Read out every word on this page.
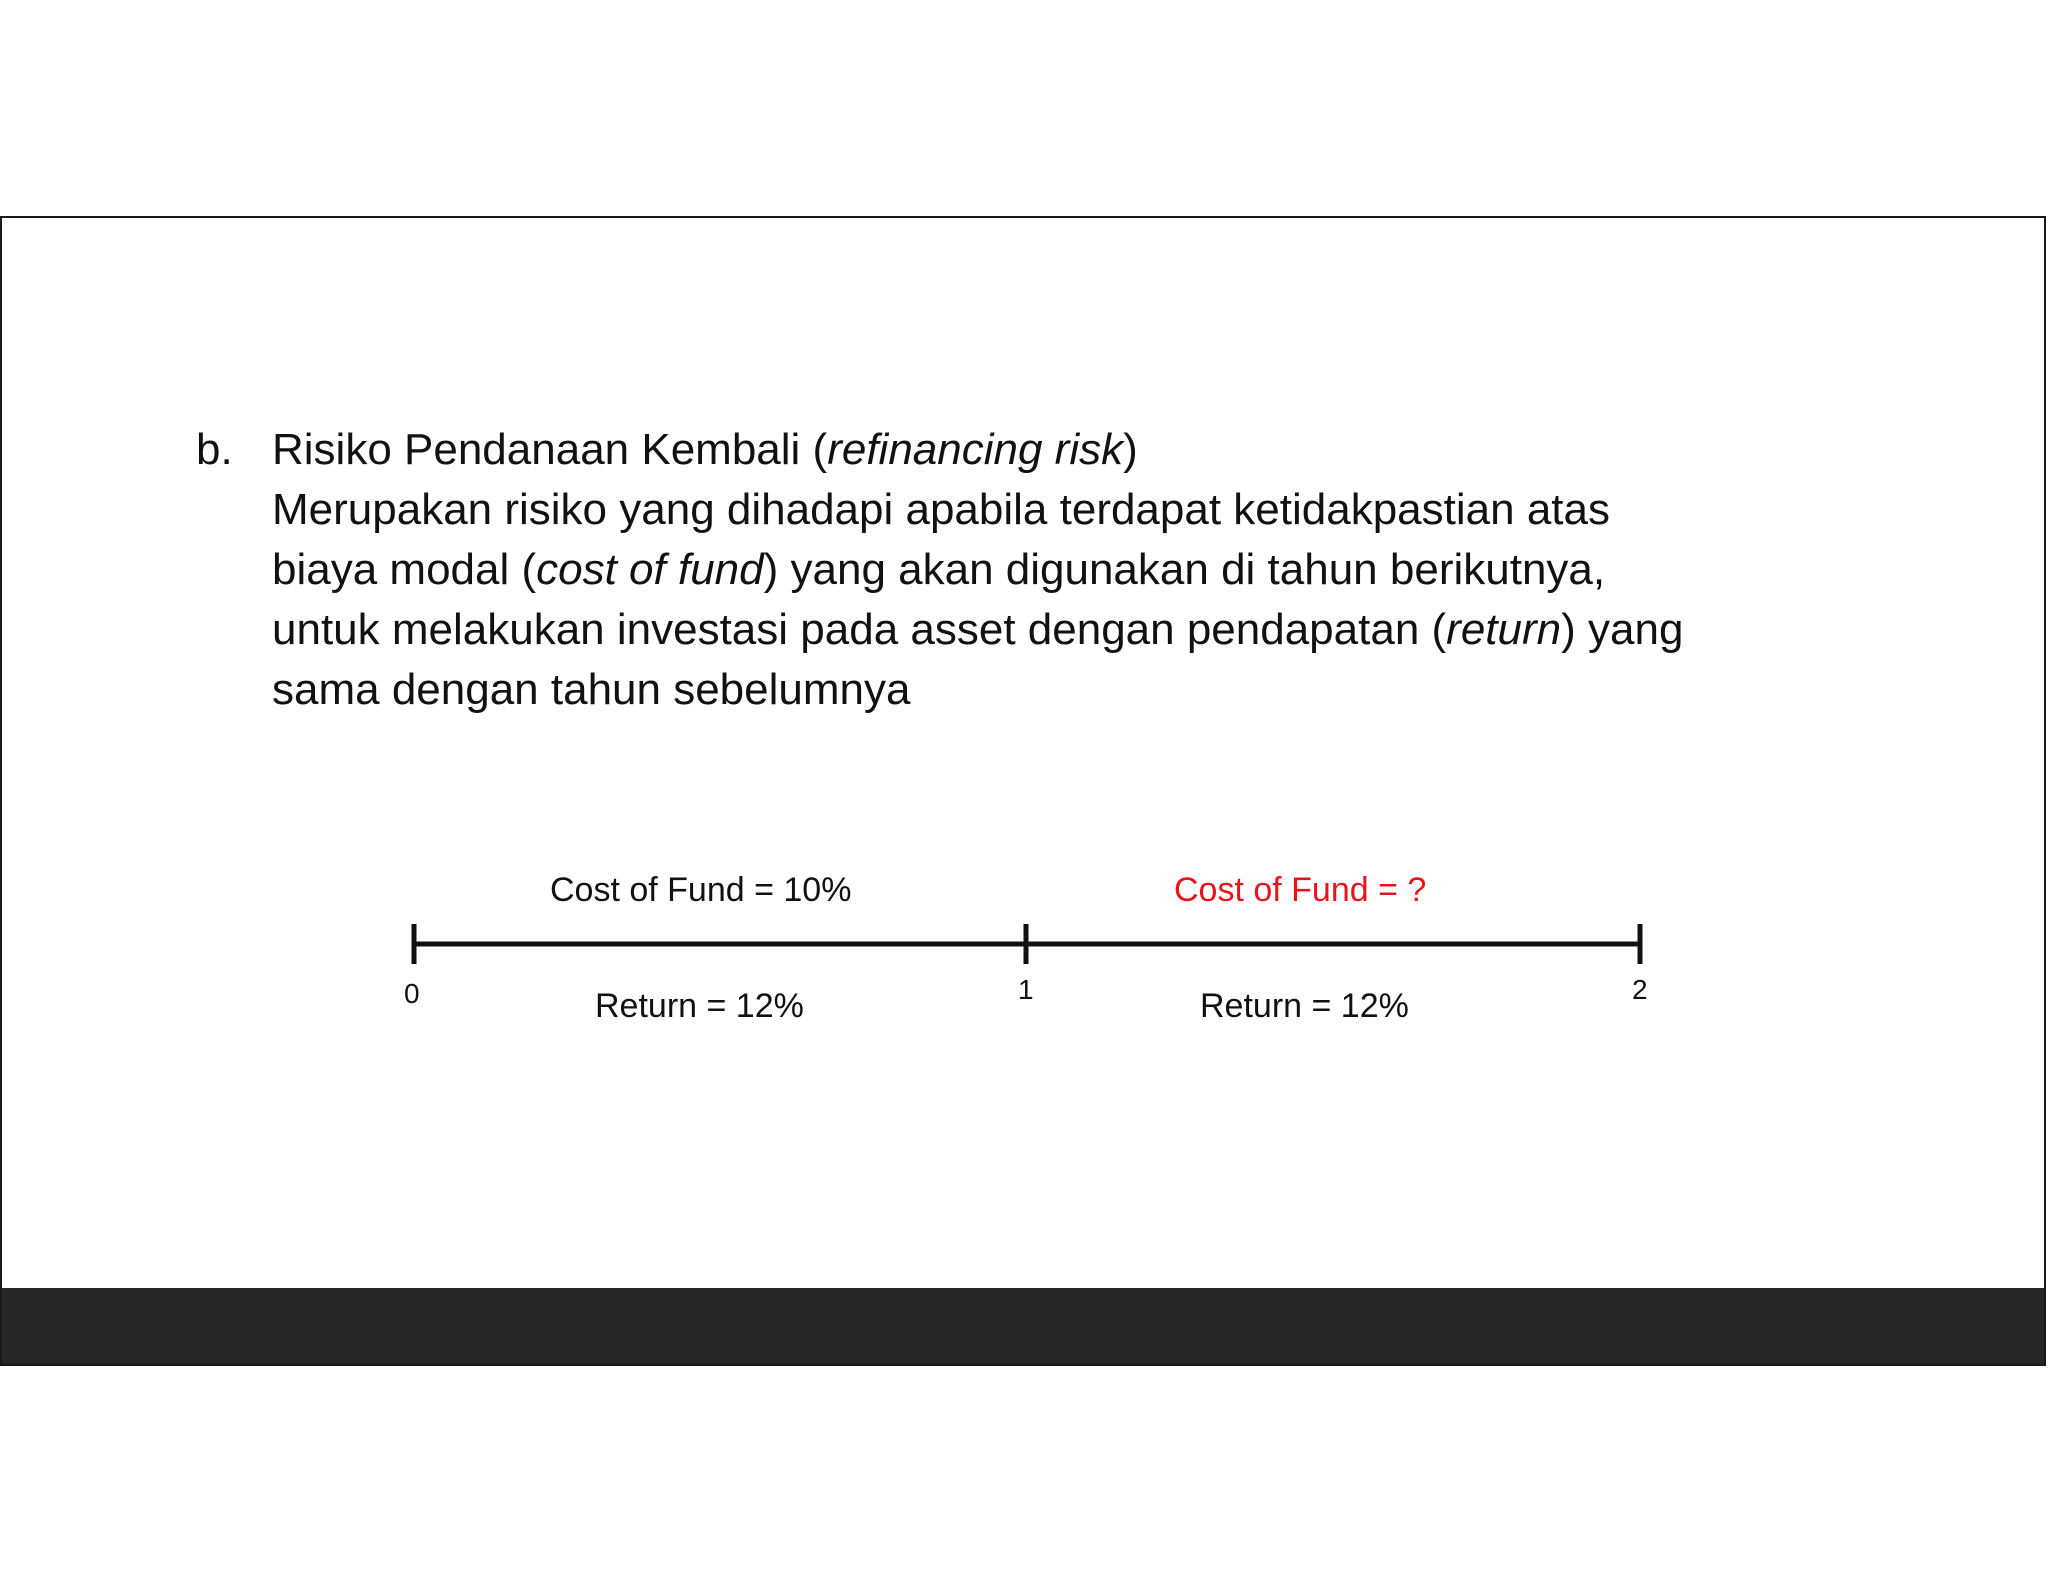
b. Risiko Pendanaan Kembali (refinancing risk)
Merupakan risiko yang dihadapi apabila terdapat ketidakpastian atas
biaya modal (cost of fund) yang akan digunakan di tahun berikutnya,
untuk melakukan investasi pada asset dengan pendapatan (return) yang
sama dengan tahun sebelumnya
Cost of Fund = 10%	Cost of Fund = ?
0	1	2
Return = 12%	Return = 12%
